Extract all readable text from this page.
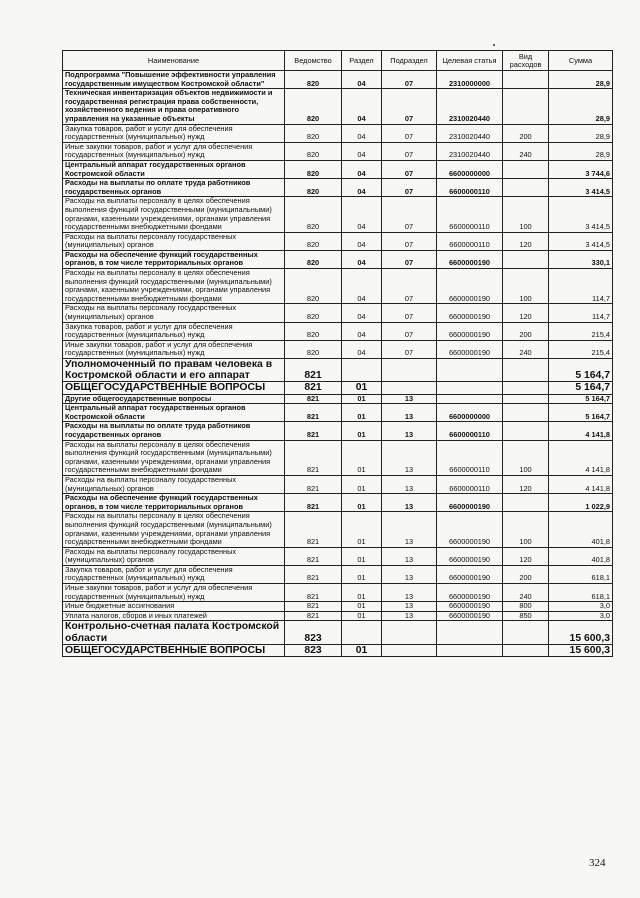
Наименование	Ведомство	Раздел	Подраздел	Целевая статья	Вид расходов	Сумма
Подпрограмма "Повышение эффективности управления государственным имуществом Костромской области"	820	04	07	2310000000		28,9
Техническая инвентаризация объектов недвижимости и государственная регистрация права собственности, хозяйственного ведения и права оперативного управления на указанные объекты	820	04	07	2310020440		28,9
Закупка товаров, работ и услуг для обеспечения государственных (муниципальных) нужд	820	04	07	2310020440	200	28,9
Иные закупки товаров, работ и услуг для обеспечения государственных (муниципальных) нужд	820	04	07	2310020440	240	28,9
Центральный аппарат государственных органов Костромской области	820	04	07	6600000000		3 744,6
Расходы на выплаты по оплате труда работников государственных органов	820	04	07	6600000110		3 414,5
Расходы на выплаты персоналу в целях обеспечения выполнения функций государственными (муниципальными) органами, казенными учреждениями, органами управления государственными внебюджетными фондами	820	04	07	6600000110	100	3 414,5
Расходы на выплаты персоналу государственных (муниципальных) органов	820	04	07	6600000110	120	3 414,5
Расходы на обеспечение функций государственных органов, в том числе территориальных органов	820	04	07	6600000190		330,1
Расходы на выплаты персоналу в целях обеспечения выполнения функций государственными (муниципальными) органами, казенными учреждениями, органами управления государственными внебюджетными фондами	820	04	07	6600000190	100	114,7
Расходы на выплаты персоналу государственных (муниципальных) органов	820	04	07	6600000190	120	114,7
Закупка товаров, работ и услуг для обеспечения государственных (муниципальных) нужд	820	04	07	6600000190	200	215,4
Иные закупки товаров, работ и услуг для обеспечения государственных (муниципальных) нужд	820	04	07	6600000190	240	215,4
Уполномоченный по правам человека в Костромской области и его аппарат	821					5 164,7
ОБЩЕГОСУДАРСТВЕННЫЕ ВОПРОСЫ	821	01				5 164,7
Другие общегосударственные вопросы	821	01	13			5 164,7
Центральный аппарат государственных органов Костромской области	821	01	13	6600000000		5 164,7
Расходы на выплаты по оплате труда работников государственных органов	821	01	13	6600000110		4 141,8
Расходы на выплаты персоналу в целях обеспечения выполнения функций государственными (муниципальными) органами, казенными учреждениями, органами управления государственными внебюджетными фондами	821	01	13	6600000110	100	4 141,8
Расходы на выплаты персоналу государственных (муниципальных) органов	821	01	13	6600000110	120	4 141,8
Расходы на обеспечение функций государственных органов, в том числе территориальных органов	821	01	13	6600000190		1 022,9
Расходы на выплаты персоналу в целях обеспечения выполнения функций государственными (муниципальными) органами, казенными учреждениями, органами управления государственными внебюджетными фондами	821	01	13	6600000190	100	401,8
Расходы на выплаты персоналу государственных (муниципальных) органов	821	01	13	6600000190	120	401,8
Закупка товаров, работ и услуг для обеспечения государственных (муниципальных) нужд	821	01	13	6600000190	200	618,1
Иные закупки товаров, работ и услуг для обеспечения государственных (муниципальных) нужд	821	01	13	6600000190	240	618,1
Иные бюджетные ассигнования	821	01	13	6600000190	800	3,0
Уплата налогов, сборов и иных платежей	821	01	13	6600000190	850	3,0
Контрольно-счетная палата Костромской области	823					15 600,3
ОБЩЕГОСУДАРСТВЕННЫЕ ВОПРОСЫ	823	01				15 600,3
324
